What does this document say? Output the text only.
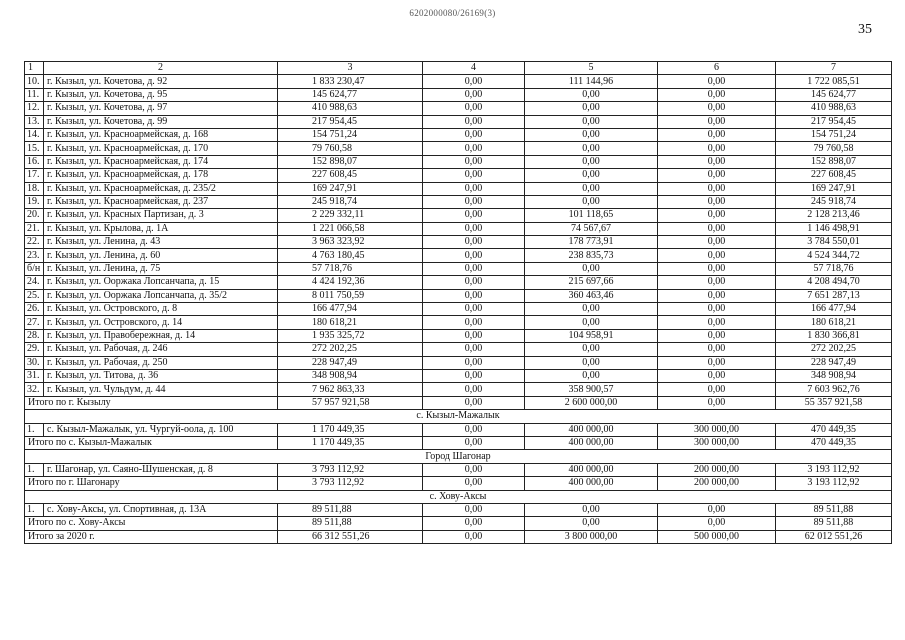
6202000080/26169(3)
35
1	2	3	4	5	6	7
10.	г. Кызыл, ул. Кочетова, д. 92	1 833 230,47	0,00	111 144,96	0,00	1 722 085,51
11.	г. Кызыл, ул. Кочетова, д. 95	145 624,77	0,00	0,00	0,00	145 624,77
12.	г. Кызыл, ул. Кочетова, д. 97	410 988,63	0,00	0,00	0,00	410 988,63
13.	г. Кызыл, ул. Кочетова, д. 99	217 954,45	0,00	0,00	0,00	217 954,45
14.	г. Кызыл, ул. Красноармейская, д. 168	154 751,24	0,00	0,00	0,00	154 751,24
15.	г. Кызыл, ул. Красноармейская, д. 170	79 760,58	0,00	0,00	0,00	79 760,58
16.	г. Кызыл, ул. Красноармейская, д. 174	152 898,07	0,00	0,00	0,00	152 898,07
17.	г. Кызыл, ул. Красноармейская, д. 178	227 608,45	0,00	0,00	0,00	227 608,45
18.	г. Кызыл, ул. Красноармейская, д. 235/2	169 247,91	0,00	0,00	0,00	169 247,91
19.	г. Кызыл, ул. Красноармейская, д. 237	245 918,74	0,00	0,00	0,00	245 918,74
20.	г. Кызыл, ул. Красных Партизан, д. 3	2 229 332,11	0,00	101 118,65	0,00	2 128 213,46
21.	г. Кызыл, ул. Крылова, д. 1А	1 221 066,58	0,00	74 567,67	0,00	1 146 498,91
22.	г. Кызыл, ул. Ленина, д. 43	3 963 323,92	0,00	178 773,91	0,00	3 784 550,01
23.	г. Кызыл, ул. Ленина, д. 60	4 763 180,45	0,00	238 835,73	0,00	4 524 344,72
б/н	г. Кызыл, ул. Ленина, д. 75	57 718,76	0,00	0,00	0,00	57 718,76
24.	г. Кызыл, ул. Ооржака Лопсанчапа, д. 15	4 424 192,36	0,00	215 697,66	0,00	4 208 494,70
25.	г. Кызыл, ул. Ооржака Лопсанчапа, д. 35/2	8 011 750,59	0,00	360 463,46	0,00	7 651 287,13
26.	г. Кызыл, ул. Островского, д. 8	166 477,94	0,00	0,00	0,00	166 477,94
27.	г. Кызыл, ул. Островского, д. 14	180 618,21	0,00	0,00	0,00	180 618,21
28.	г. Кызыл, ул. Правобережная, д. 14	1 935 325,72	0,00	104 958,91	0,00	1 830 366,81
29.	г. Кызыл, ул. Рабочая, д. 246	272 202,25	0,00	0,00	0,00	272 202,25
30.	г. Кызыл, ул. Рабочая, д. 250	228 947,49	0,00	0,00	0,00	228 947,49
31.	г. Кызыл, ул. Титова, д. 36	348 908,94	0,00	0,00	0,00	348 908,94
32.	г. Кызыл, ул. Чульдум, д. 44	7 962 863,33	0,00	358 900,57	0,00	7 603 962,76
Итого по г. Кызылу		57 957 921,58	0,00	2 600 000,00	0,00	55 357 921,58
с. Кызыл-Мажалык						
1.	с. Кызыл-Мажалык, ул. Чургуй-оола, д. 100	1 170 449,35	0,00	400 000,00	300 000,00	470 449,35
Итого по с. Кызыл-Мажалык		1 170 449,35	0,00	400 000,00	300 000,00	470 449,35
Город Шагонар						
1.	г. Шагонар, ул. Саяно-Шушенская, д. 8	3 793 112,92	0,00	400 000,00	200 000,00	3 193 112,92
Итого по г. Шагонару		3 793 112,92	0,00	400 000,00	200 000,00	3 193 112,92
с. Хову-Аксы						
1.	с. Хову-Аксы, ул. Спортивная, д. 13А	89 511,88	0,00	0,00	0,00	89 511,88
Итого по с. Хову-Аксы		89 511,88	0,00	0,00	0,00	89 511,88
Итого за 2020 г.		66 312 551,26	0,00	3 800 000,00	500 000,00	62 012 551,26
